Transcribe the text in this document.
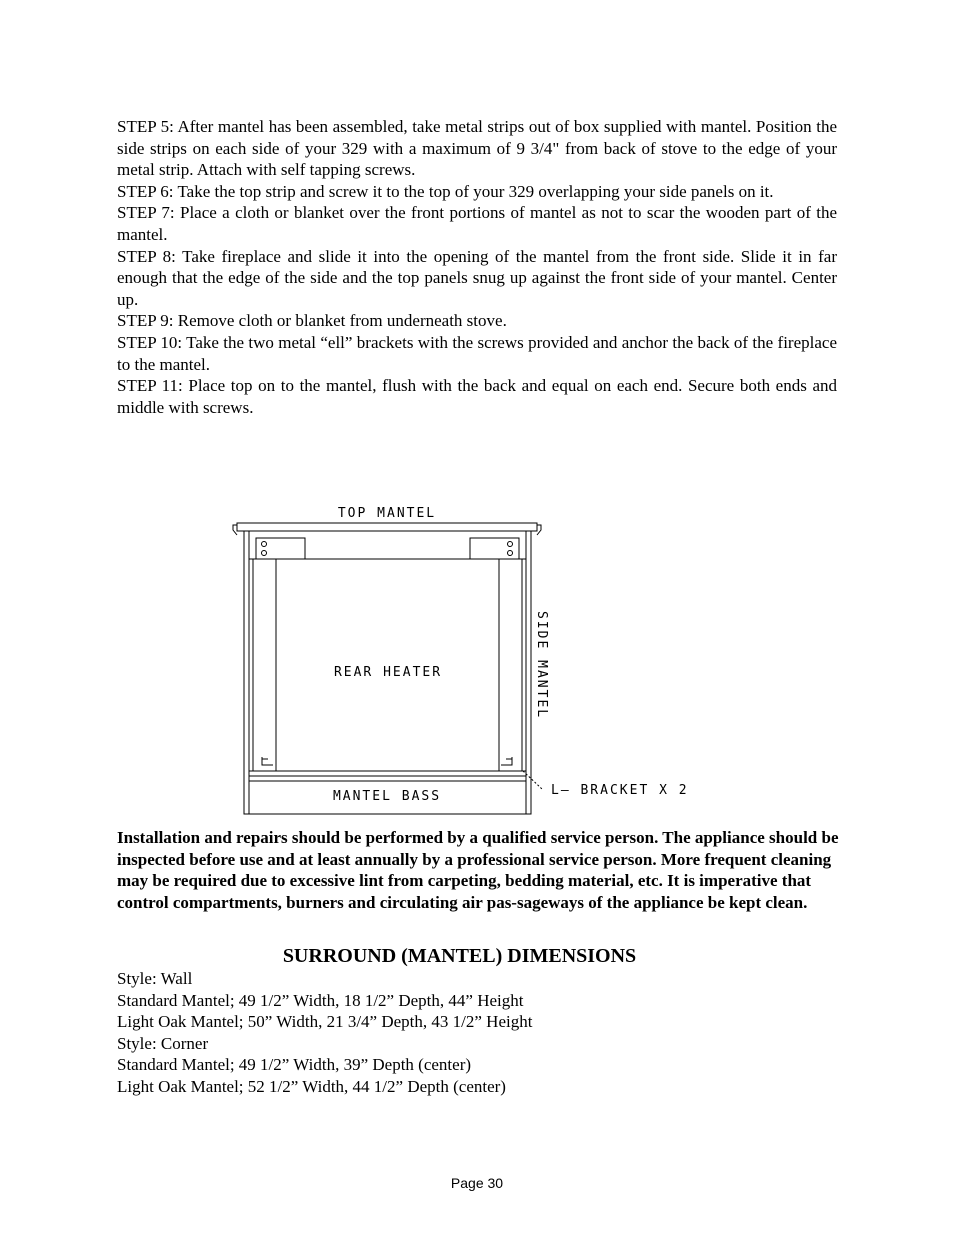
STEP 5: After mantel has been assembled, take metal strips out of box supplied with mantel. Position the side strips on each side of your 329 with a maximum of 9 3/4" from back of stove to the edge of your metal strip. Attach with self tapping screws.

STEP 6: Take the top strip and screw it to the top of your 329 overlapping your side panels on it.

STEP 7: Place a cloth or blanket over the front portions of mantel as not to scar the wooden part of the mantel.

STEP 8: Take fireplace and slide it into the opening of the mantel from the front side. Slide it in far enough that the edge of the side and the top panels snug up against the front side of your mantel. Center up.

STEP 9: Remove cloth or blanket from underneath stove.

STEP 10: Take the two metal “ell” brackets with the screws provided and anchor the back of the fireplace to the mantel.

STEP 11: Place top on to the mantel, flush with the back and equal on each end. Secure both ends and middle with screws.

TOP MANTEL
REAR HEATER
MANTEL BASS
SIDE MANTEL
L— BRACKET X 2
Installation and repairs should be performed by a qualified service person. The appliance should be inspected before use and at least annually by a professional service person. More frequent cleaning may be required due to excessive lint from carpeting, bedding material, etc. It is imperative that control compartments, burners and circulating air pas-sageways of the appliance be kept clean.
SURROUND (MANTEL) DIMENSIONS

Style: Wall

Standard Mantel; 49 1/2” Width, 18 1/2” Depth, 44” Height

Light Oak Mantel; 50” Width, 21 3/4” Depth, 43 1/2” Height

Style: Corner

Standard Mantel; 49 1/2” Width, 39” Depth (center)

Light Oak Mantel; 52 1/2” Width, 44 1/2” Depth (center)

Page 30
